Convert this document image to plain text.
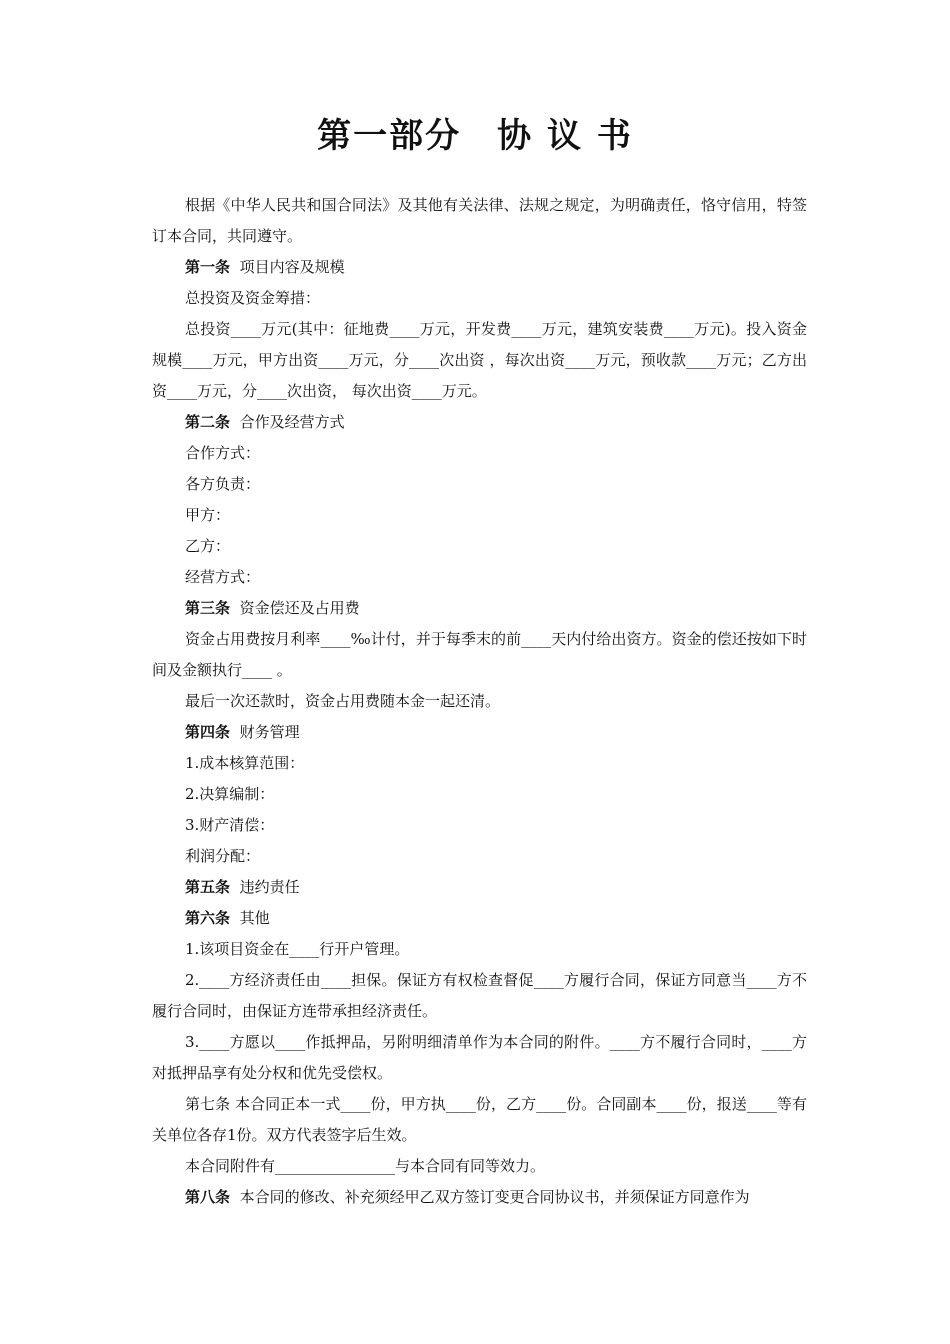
第一部分 协 议 书

根据《中华人民共和国合同法》及其他有关法律、法规之规定，为明确责任，恪守信用，特签订本合同，共同遵守。

第一条 项目内容及规模

总投资及资金筹措：

总投资____万元(其中：征地费____万元，开发费____万元，建筑安装费____万元)。投入资金规模____万元，甲方出资____万元，分____次出资 ，每次出资____万元，预收款____万元；乙方出资____万元，分____次出资， 每次出资____万元。

第二条 合作及经营方式

合作方式：

各方负责：

甲方：

乙方：

经营方式：

第三条 资金偿还及占用费

资金占用费按月利率____‰计付，并于每季末的前____天内付给出资方。资金的偿还按如下时间及金额执行____ 。

最后一次还款时，资金占用费随本金一起还清。

第四条 财务管理

1.成本核算范围：

2.决算编制：

3.财产清偿：

利润分配：

第五条 违约责任

第六条 其他

1.该项目资金在____行开户管理。

2.____方经济责任由____担保。保证方有权检查督促____方履行合同，保证方同意当____方不履行合同时，由保证方连带承担经济责任。

3.____方愿以____作抵押品，另附明细清单作为本合同的附件。____方不履行合同时，____方对抵押品享有处分权和优先受偿权。

第七条 本合同正本一式____份，甲方执____份，乙方____份。合同副本____份，报送____等有关单位各存1份。双方代表签字后生效。

本合同附件有________________与本合同有同等效力。

第八条 本合同的修改、补充须经甲乙双方签订变更合同协议书，并须保证方同意作为
